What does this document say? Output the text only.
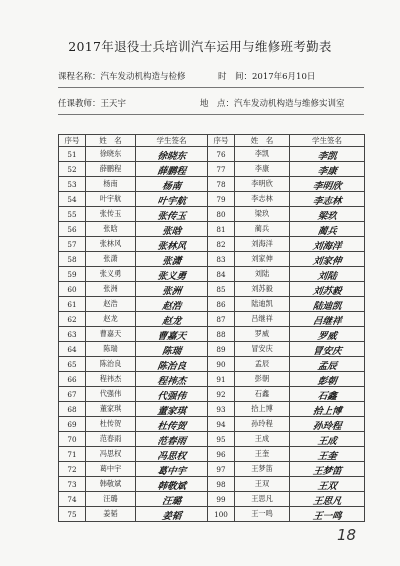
2017年退役士兵培训汽车运用与维修班考勤表
课程名称：汽车发动机构造与检修	时　间：2017年6月10日
任课教师：王天宇	地　点：汽车发动机构造与维修实训室
序号	姓　名	学生签名	序号	姓　名	学生签名
51	徐晓东	徐晓东	76	李凯	李凯
52	薛鹏程	薛鹏程	77	李康	李康
53	杨南	杨南	78	李明欣	李明欣
54	叶宇航	叶宇航	79	李志林	李志林
55	张传玉	张传玉	80	梁玖	梁玖
56	张晗	张晗	81	蔺兵	蔺兵
57	张林风	张林风	82	刘海洋	刘海洋
58	张潇	张潇	83	刘家伸	刘家伸
59	张义勇	张义勇	84	刘陆	刘陆
60	张洲	张洲	85	刘苏毅	刘苏毅
61	赵浩	赵浩	86	陆迪凯	陆迪凯
62	赵龙	赵龙	87	吕继祥	吕继祥
63	曹嘉天	曹嘉天	88	罗威	罗威
64	陈瑞	陈瑞	89	冒安庆	冒安庆
65	陈治良	陈治良	90	孟辰	孟辰
66	程祎杰	程祎杰	91	彭朝	彭朝
67	代强伟	代强伟	92	石鑫	石鑫
68	董家琪	董家琪	93	拾上博	拾上博
69	杜传贺	杜传贺	94	孙玲程	孙玲程
70	范春雨	范春雨	95	王成	王成
71	冯思权	冯思权	96	王奎	王奎
72	葛中宇	葛中宇	97	王梦笛	王梦笛
73	韩敬斌	韩敬斌	98	王双	王双
74	汪璐	汪璐	99	王思凡	王思凡
75	姜韬	姜韬	100	王一鸣	王一鸣
18
